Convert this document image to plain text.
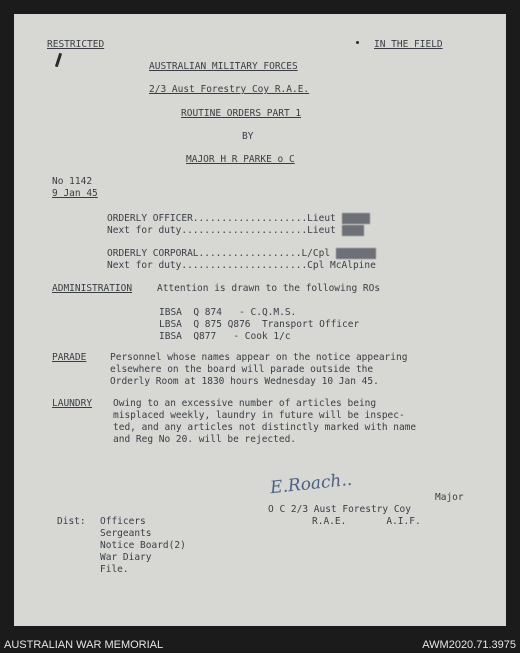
RESTRICTED	IN THE FIELD
AUSTRALIAN MILITARY FORCES
2/3 Aust Forestry Coy R.A.E.
ROUTINE ORDERS PART 1
BY
MAJOR H R PARKE o C
No 1142
9 Jan 45
ORDERLY OFFICER....................Lieut Nnnnn
Next for duty......................Lieut Nnnn
ORDERLY CORPORAL..................L/Cpl Nnnnnnn
Next for duty......................Cpl McAlpine
ADMINISTRATION	Attention is drawn to the following ROs
IBSA  Q 874   - C.Q.M.S.
LBSA  Q 875 Q876  Transport Officer
IBSA  Q877   - Cook 1/c
PARADE Personnel whose names appear on the notice appearing
elsewhere on the board will parade outside the
Orderly Room at 1830 hours Wednesday 10 Jan 45.
LAUNDRY Owing to an excessive number of articles being
misplaced weekly, laundry in future will be inspec-
ted, and any articles not distinctly marked with name
and Reg No 20. will be rejected.
E.Roach..	Major
O C 2/3 Aust Forestry Coy
R.A.E.       A.I.F.
Dist: Officers
Sergeants
Notice Board(2)
War Diary
File.
AUSTRALIAN WAR MEMORIAL	AWM2020.71.3975
